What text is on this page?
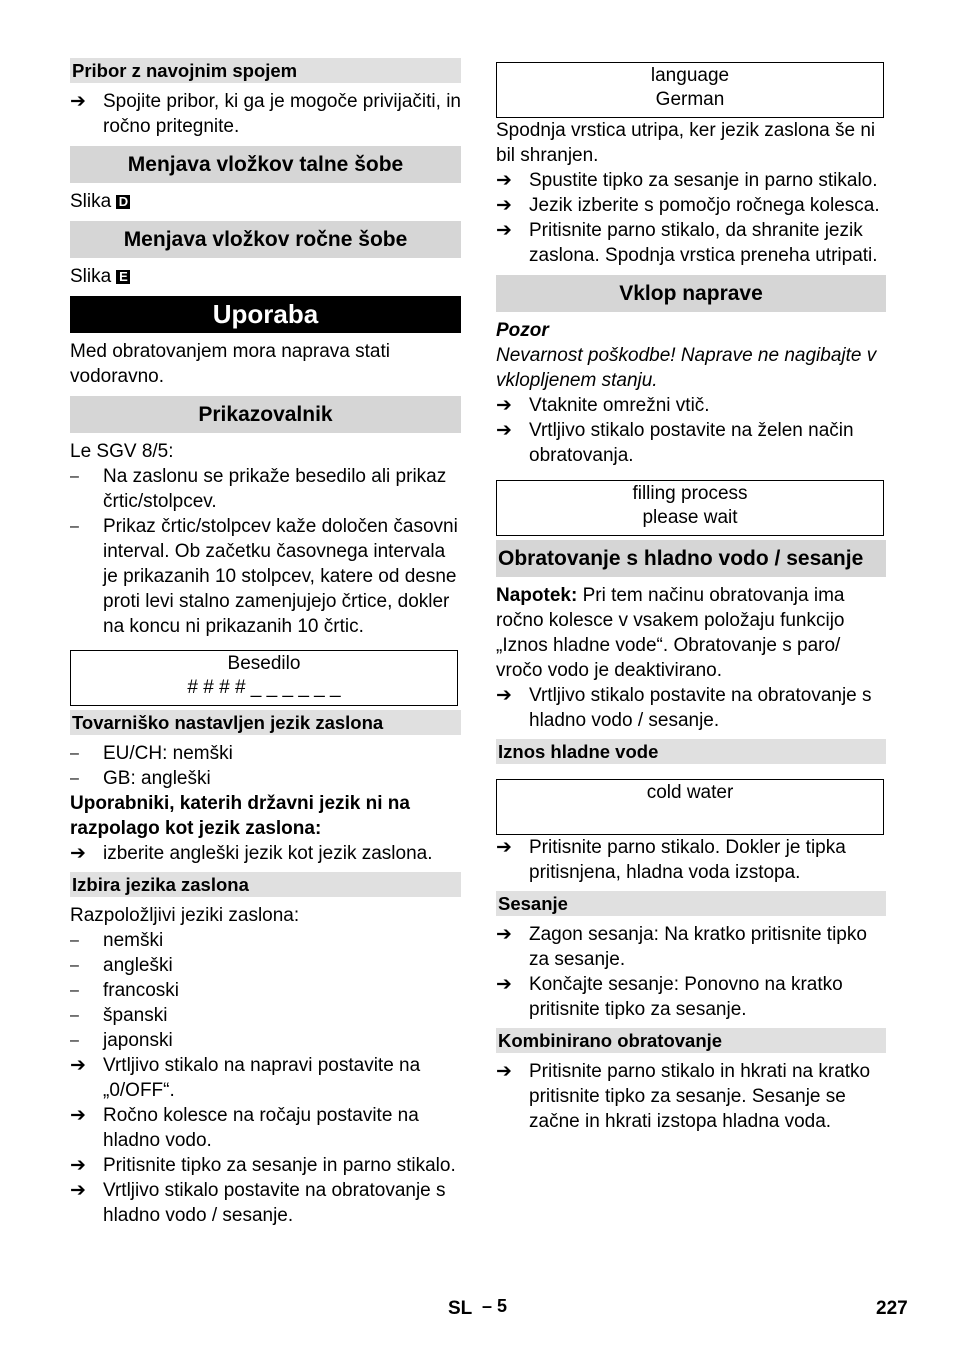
Pribor z navojnim spojem
➔ Spojite pribor, ki ga je mogoče privijačiti, in ročno pritegnite.
Menjava vložkov talne šobe

Slika D

Menjava vložkov ročne šobe

Slika E

Uporaba

Med obratovanjem mora naprava stati vodoravno.

Prikazovalnik

Le SGV 8/5:

– Na zaslonu se prikaže besedilo ali prikaz črtic/stolpcev.
– Prikaz črtic/stolpcev kaže določen časovni interval. Ob začetku časovnega intervala je prikazanih 10 stolpcev, katere od desne proti levi stalno zamenjujejo črtice, dokler na koncu ni prikazanih 10 črtic.
Besedilo
# # # # _ _ _ _ _ _
Tovarniško nastavljen jezik zaslona
– EU/CH: nemški
– GB: angleški

Uporabniki, katerih državni jezik ni na razpolago kot jezik zaslona:

➔ izberite angleški jezik kot jezik zaslona.
Izbira jezika zaslona

Razpoložljivi jeziki zaslona:

– nemški
– angleški
– francoski
– španski
– japonski
➔ Vrtljivo stikalo na napravi postavite na „0/OFF“.
➔ Ročno kolesce na ročaju postavite na hladno vodo.
➔ Pritisnite tipko za sesanje in parno stikalo.
➔ Vrtljivo stikalo postavite na obratovanje s hladno vodo / sesanje.
language
German

Spodnja vrstica utripa, ker jezik zaslona še ni bil shranjen.

➔ Spustite tipko za sesanje in parno stikalo.
➔ Jezik izberite s pomočjo ročnega kolesca.
➔ Pritisnite parno stikalo, da shranite jezik zaslona. Spodnja vrstica preneha utripati.
Vklop naprave

Pozor

Nevarnost poškodbe! Naprave ne nagibajte v vklopljenem stanju.

➔ Vtaknite omrežni vtič.
➔ Vrtljivo stikalo postavite na želen način obratovanja.
filling process
please wait
Obratovanje s hladno vodo / sesanje

Napotek: Pri tem načinu obratovanja ima ročno kolesce v vsakem položaju funkcijo „Iznos hladne vode“. Obratovanje s paro/ vročo vodo je deaktivirano.

➔ Vrtljivo stikalo postavite na obratovanje s hladno vodo / sesanje.
Iznos hladne vode
cold water
➔ Pritisnite parno stikalo. Dokler je tipka pritisnjena, hladna voda izstopa.
Sesanje
➔ Zagon sesanja: Na kratko pritisnite tipko za sesanje.
➔ Končajte sesanje: Ponovno na kratko pritisnite tipko za sesanje.
Kombinirano obratovanje
➔ Pritisnite parno stikalo in hkrati na kratko pritisnite tipko za sesanje. Sesanje se začne in hkrati izstopa hladna voda.
SL – 5	227
